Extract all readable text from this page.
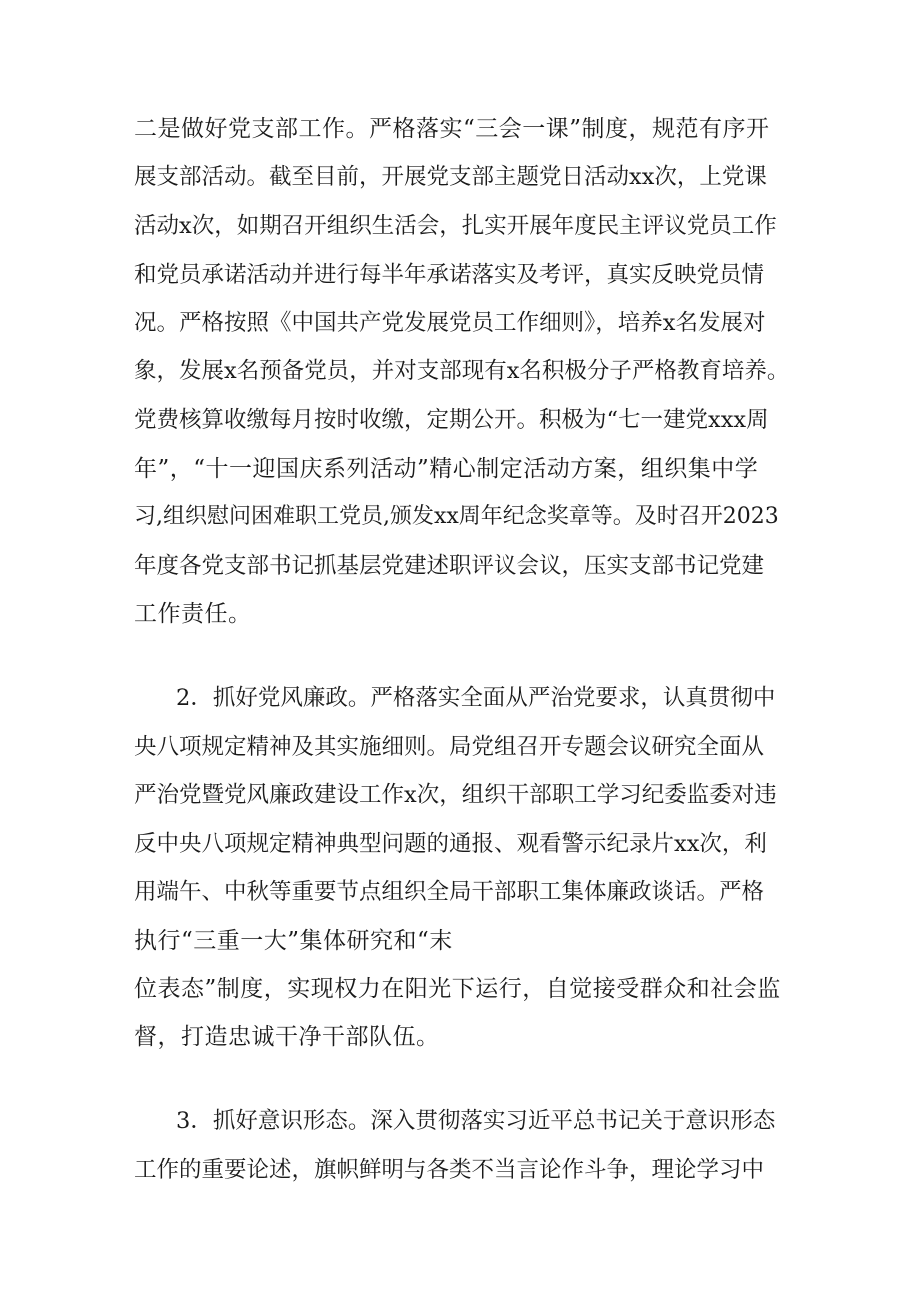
二是做好党支部工作。严格落实“三会一课”制度，规范有序开
展支部活动。截至目前，开展党支部主题党日活动xx次，上党课
活动x次，如期召开组织生活会，扎实开展年度民主评议党员工作
和党员承诺活动并进行每半年承诺落实及考评，真实反映党员情
况。严格按照《中国共产党发展党员工作细则》，培养x名发展对
象，发展x名预备党员，并对支部现有x名积极分子严格教育培养。
党费核算收缴每月按时收缴，定期公开。积极为“七一建党xxx周
年”，“十一迎国庆系列活动”精心制定活动方案，组织集中学
习,组织慰问困难职工党员,颁发xx周年纪念奖章等。及时召开2023
年度各党支部书记抓基层党建述职评议会议，压实支部书记党建
工作责任。
2．抓好党风廉政。严格落实全面从严治党要求，认真贯彻中
央八项规定精神及其实施细则。局党组召开专题会议研究全面从
严治党暨党风廉政建设工作x次，组织干部职工学习纪委监委对违
反中央八项规定精神典型问题的通报、观看警示纪录片xx次，利
用端午、中秋等重要节点组织全局干部职工集体廉政谈话。严格
执行“三重一大”集体研究和“末
位表态”制度，实现权力在阳光下运行，自觉接受群众和社会监
督，打造忠诚干净干部队伍。
3．抓好意识形态。深入贯彻落实习近平总书记关于意识形态
工作的重要论述，旗帜鲜明与各类不当言论作斗争，理论学习中
